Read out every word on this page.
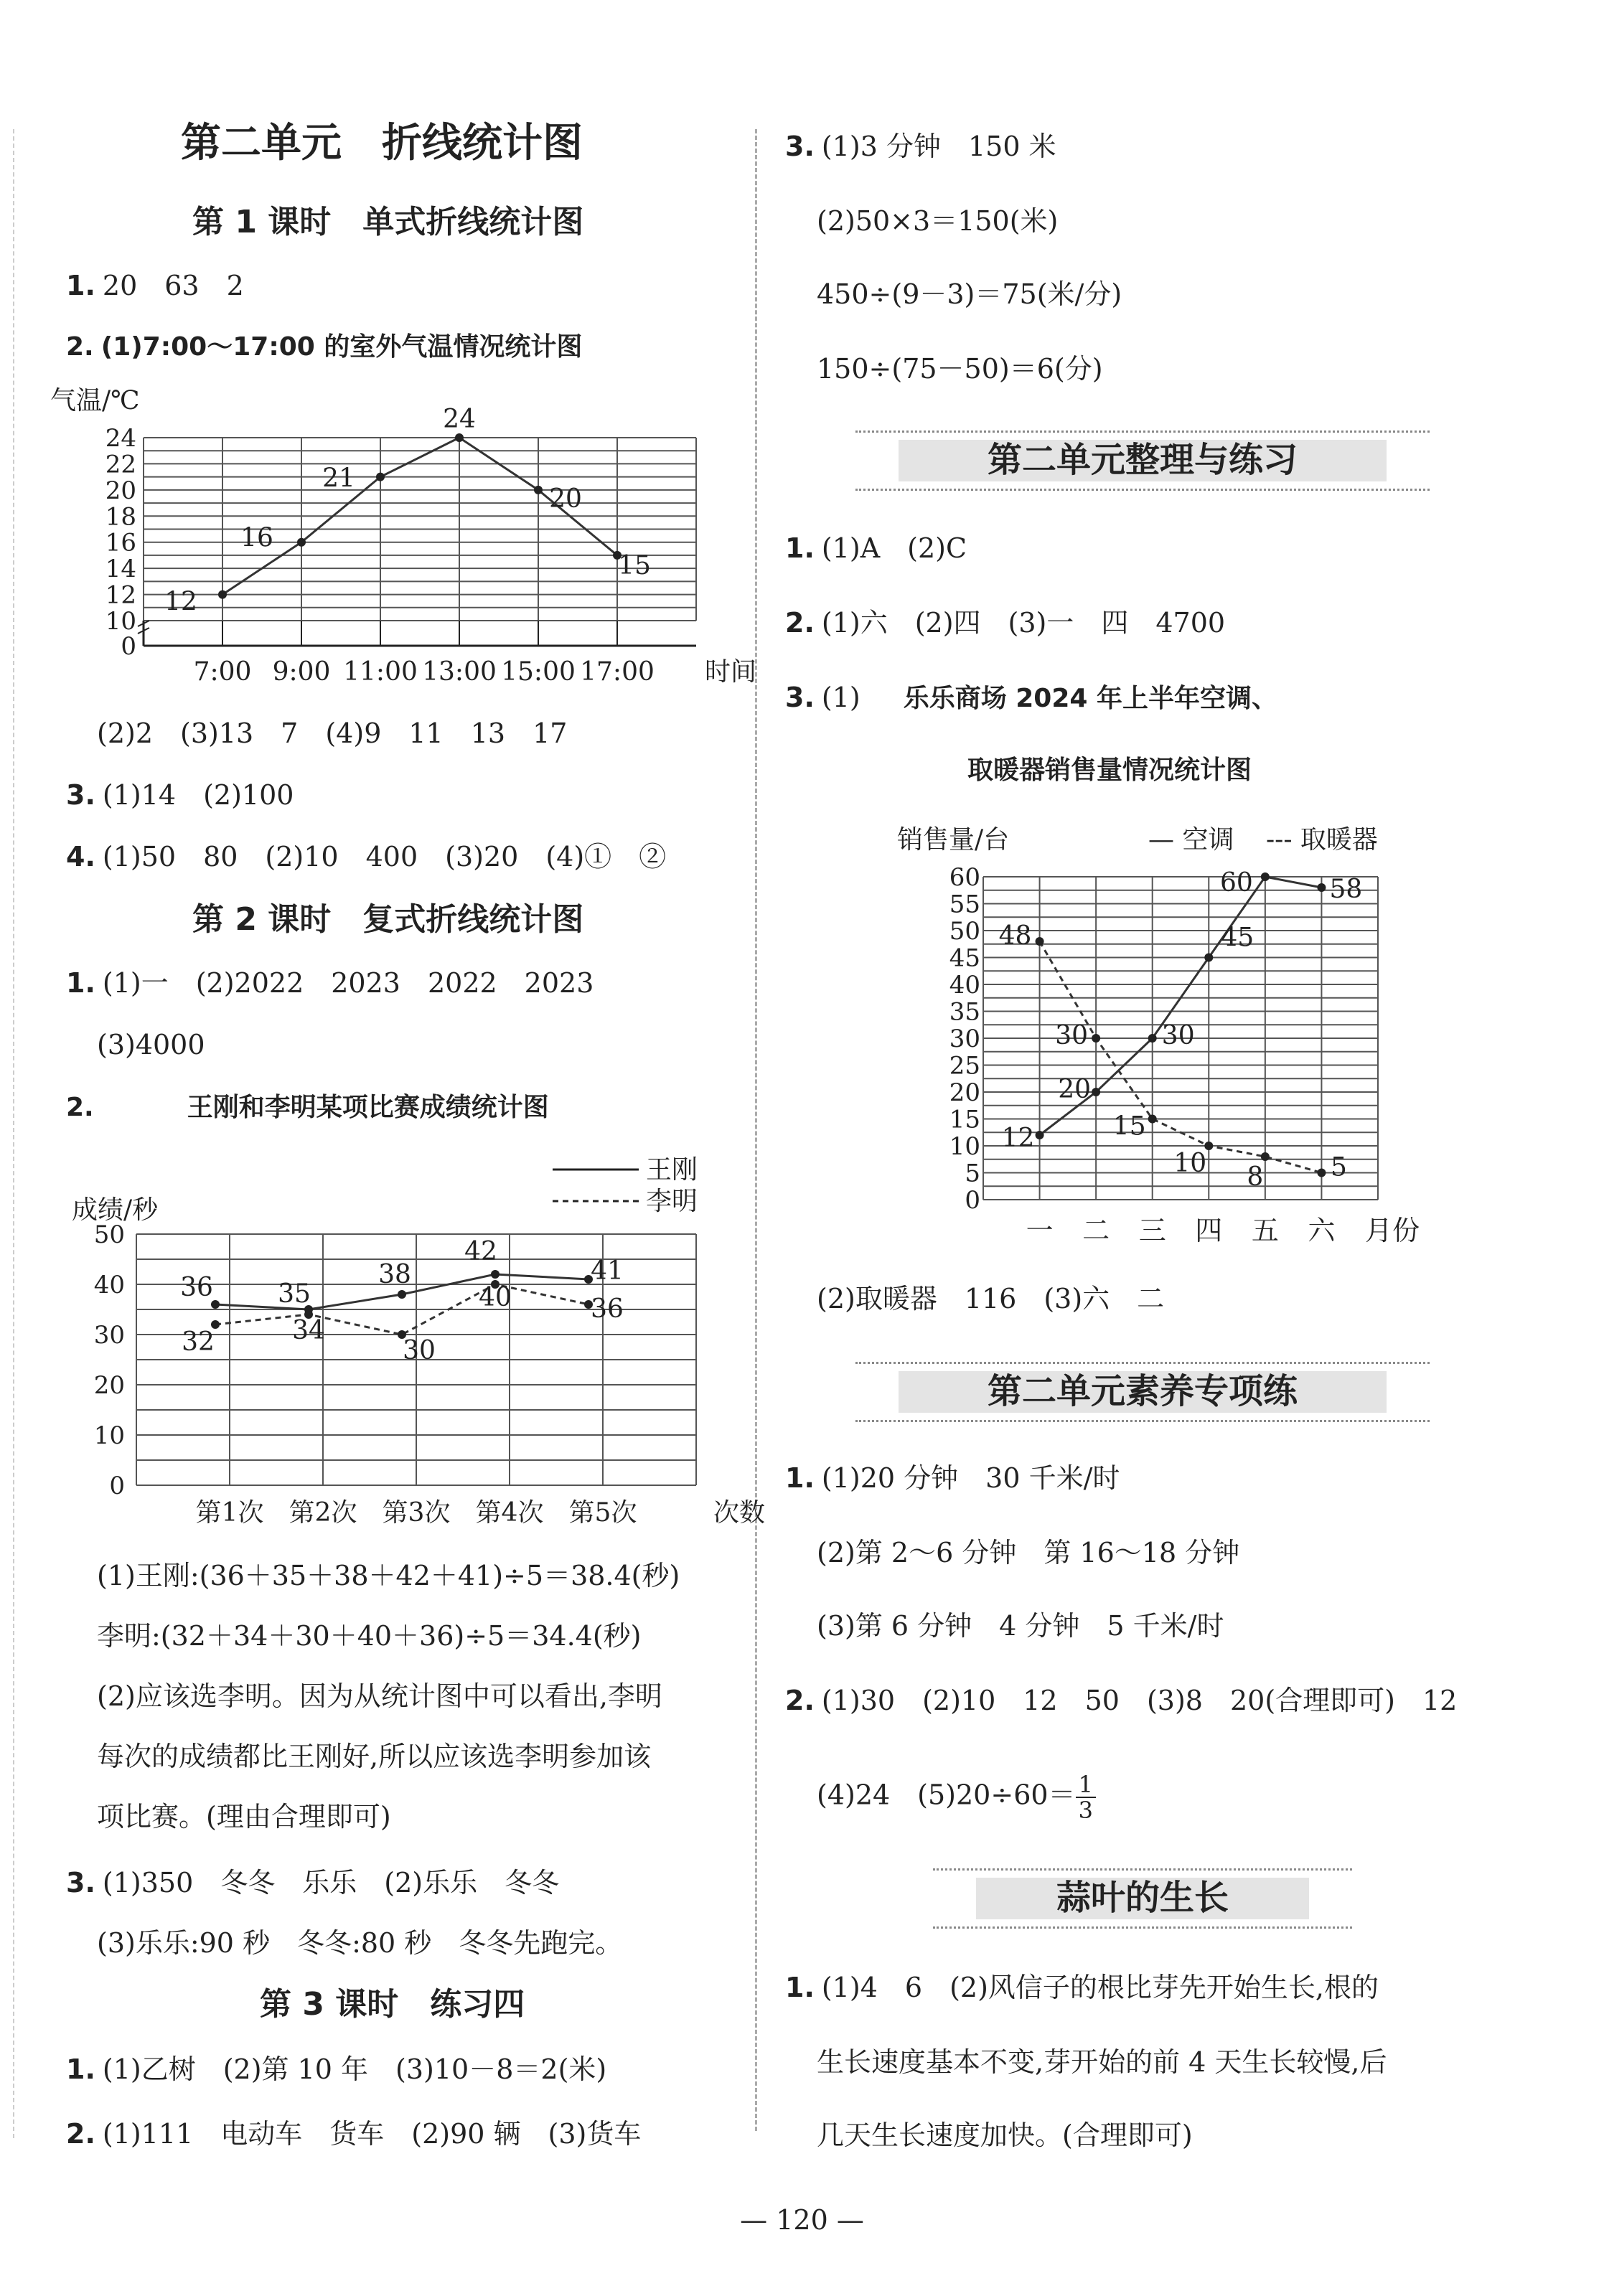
第二单元　折线统计图
第 1 课时　单式折线统计图
1. 20　63　2
2. (1)7:00～17:00 的室外气温情况统计图
气温/℃
24
22
20
18
16
14
12
10
0
7:00 9:00 11:00 13:00 15:00 17:00 时间
12
16
21
24
20
15
(2)2　(3)13　7　(4)9　11　13　17
3. (1)14　(2)100
4. (1)50　80　(2)10　400　(3)20　(4)①　②
第 2 课时　复式折线统计图
1. (1)一　(2)2022　2023　2022　2023
(3)4000
2.	王刚和李明某项比赛成绩统计图
王刚
李明
成绩/秒
50
40
30
20
10
0
第1次 第2次 第3次 第4次 第5次	次数
36	35
38
42
41
32	34
30
40	36
(1)王刚:(36＋35＋38＋42＋41)÷5＝38.4(秒)
李明:(32＋34＋30＋40＋36)÷5＝34.4(秒)
(2)应该选李明。因为从统计图中可以看出,李明
每次的成绩都比王刚好,所以应该选李明参加该
项比赛。(理由合理即可)
3. (1)350　冬冬　乐乐　(2)乐乐　冬冬
(3)乐乐:90 秒　冬冬:80 秒　冬冬先跑完。
第 3 课时　练习四
1. (1)乙树　(2)第 10 年　(3)10－8＝2(米)
2. (1)111　电动车　货车　(2)90 辆　(3)货车
3. (1)3 分钟　150 米
(2)50×3＝150(米)
450÷(9－3)＝75(米/分)
150÷(75－50)＝6(分)
第二单元整理与练习
1. (1)A　(2)C
2. (1)六　(2)四　(3)一　四　4700
3. (1) 乐乐商场 2024 年上半年空调、
取暖器销售量情况统计图
销售量/台	— 空调 --- 取暖器
60
55
50
45
40
35
30
25
20
15
10
5
0
一 二 三 四 五 六 月份
12
20
30
45
60	58
48
30
15
10 8	5
(2)取暖器　116　(3)六　二
第二单元素养专项练
1. (1)20 分钟　30 千米/时
(2)第 2～6 分钟　第 16～18 分钟
(3)第 6 分钟　4 分钟　5 千米/时
2. (1)30　(2)10　12　50　(3)8　20(合理即可)　12
(4)24　$(5)20\div 60= \frac{1}{3}$
蒜叶的生长
1. (1)4　6　(2)风信子的根比芽先开始生长,根的
生长速度基本不变,芽开始的前 4 天生长较慢,后
几天生长速度加快。(合理即可)
— 120 —
